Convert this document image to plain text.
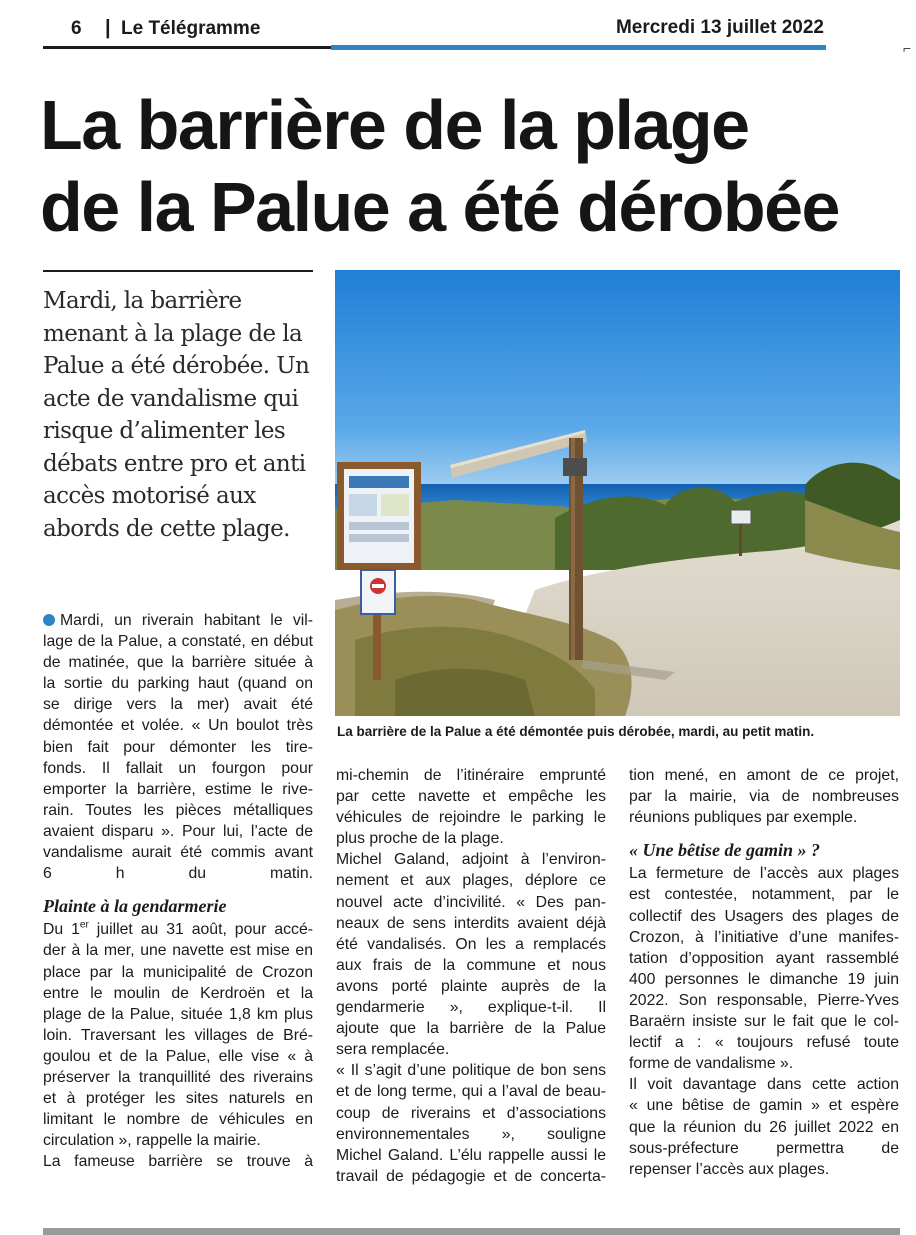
6 | Le Télégramme	Mercredi 13 juillet 2022
⌐
La barrière de la plage
de la Palue a été dérobée

Mardi, la barrière
menant à la plage de la
Palue a été dérobée. Un
acte de vandalisme qui
risque d’alimenter les
débats entre pro et anti
accès motorisé aux
abords de cette plage.

La barrière de la Palue a été démontée puis dérobée, mardi, au petit matin.

Mardi, un riverain habitant le vil-
lage de la Palue, a constaté, en début
de matinée, que la barrière située à
la sortie du parking haut (quand on
se dirige vers la mer) avait été
démontée et volée. « Un boulot très
bien fait pour démonter les tire-
fonds. Il fallait un fourgon pour
emporter la barrière, estime le rive-
rain. Toutes les pièces métalliques
avaient disparu ». Pour lui, l’acte de
vandalisme aurait été commis avant
6 h du matin.

Plainte à la gendarmerie

Du 1er juillet au 31 août, pour accé-
der à la mer, une navette est mise en
place par la municipalité de Crozon
entre le moulin de Kerdroën et la
plage de la Palue, située 1,8 km plus
loin. Traversant les villages de Bré-
goulou et de la Palue, elle vise « à
préserver la tranquillité des riverains
et à protéger les sites naturels en
limitant le nombre de véhicules en
circulation », rappelle la mairie.
La fameuse barrière se trouve à

mi-chemin de l’itinéraire emprunté
par cette navette et empêche les
véhicules de rejoindre le parking le
plus proche de la plage.

Michel Galand, adjoint à l’environ-
nement et aux plages, déplore ce
nouvel acte d’incivilité. « Des pan-
neaux de sens interdits avaient déjà
été vandalisés. On les a remplacés
aux frais de la commune et nous
avons porté plainte auprès de la
gendarmerie », explique-t-il. Il
ajoute que la barrière de la Palue
sera remplacée.

« Il s’agit d’une politique de bon sens
et de long terme, qui a l’aval de beau-
coup de riverains et d’associations
environnementales », souligne
Michel Galand. L’élu rappelle aussi le
travail de pédagogie et de concerta-

tion mené, en amont de ce projet,
par la mairie, via de nombreuses
réunions publiques par exemple.

« Une bêtise de gamin » ?

La fermeture de l’accès aux plages
est contestée, notamment, par le
collectif des Usagers des plages de
Crozon, à l’initiative d’une manifes-
tation d’opposition ayant rassemblé
400 personnes le dimanche 19 juin
2022. Son responsable, Pierre-Yves
Baraërn insiste sur le fait que le col-
lectif a : « toujours refusé toute
forme de vandalisme ».

Il voit davantage dans cette action
« une bêtise de gamin » et espère
que la réunion du 26 juillet 2022 en
sous-préfecture permettra de
repenser l’accès aux plages.
